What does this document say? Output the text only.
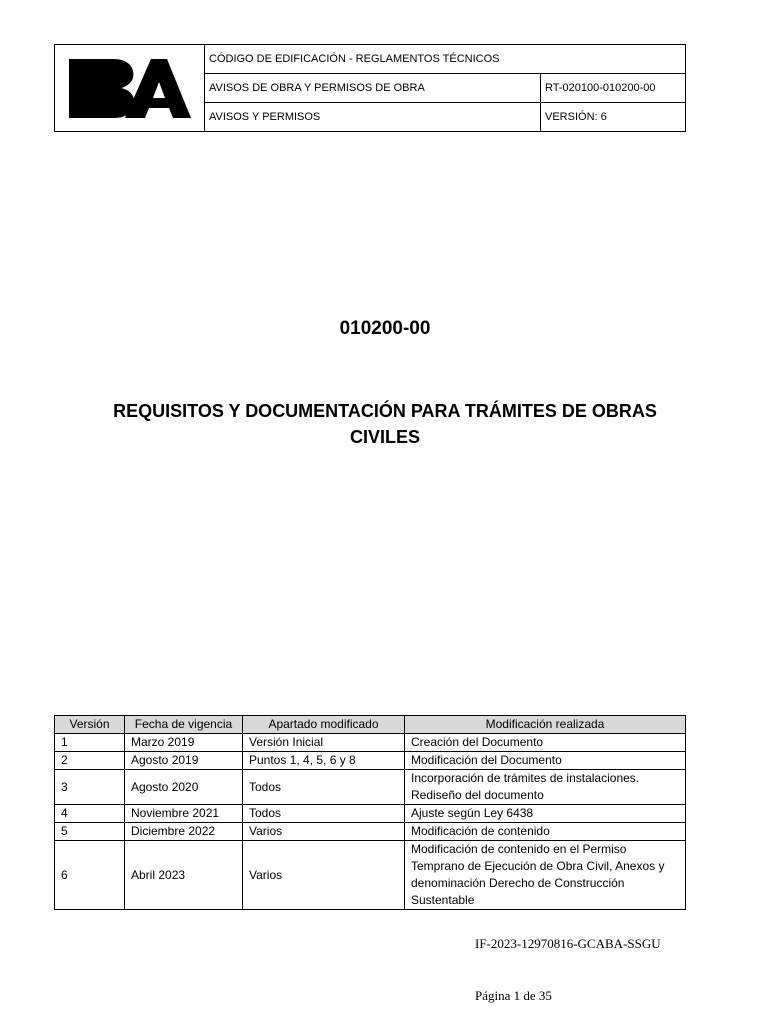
	CÓDIGO DE EDIFICACIÓN - REGLAMENTOS TÉCNICOS	
	AVISOS DE OBRA Y PERMISOS DE OBRA	RT-020100-010200-00
	AVISOS Y PERMISOS	VERSIÓN: 6
010200-00
REQUISITOS Y DOCUMENTACIÓN PARA TRÁMITES DE OBRAS CIVILES
Versión	Fecha de vigencia	Apartado modificado	Modificación realizada
1	Marzo 2019	Versión Inicial	Creación del Documento
2	Agosto 2019	Puntos 1, 4, 5, 6 y 8	Modificación del Documento
3	Agosto 2020	Todos	Incorporación de trámites de instalaciones. Rediseño del documento
4	Noviembre 2021	Todos	Ajuste según Ley 6438
5	Diciembre 2022	Varios	Modificación de contenido
6	Abril 2023	Varios	Modificación de contenido en el Permiso Temprano de Ejecución de Obra Civil, Anexos y denominación Derecho de Construcción Sustentable
IF-2023-12970816-GCABA-SSGU
Página 1 de 35
